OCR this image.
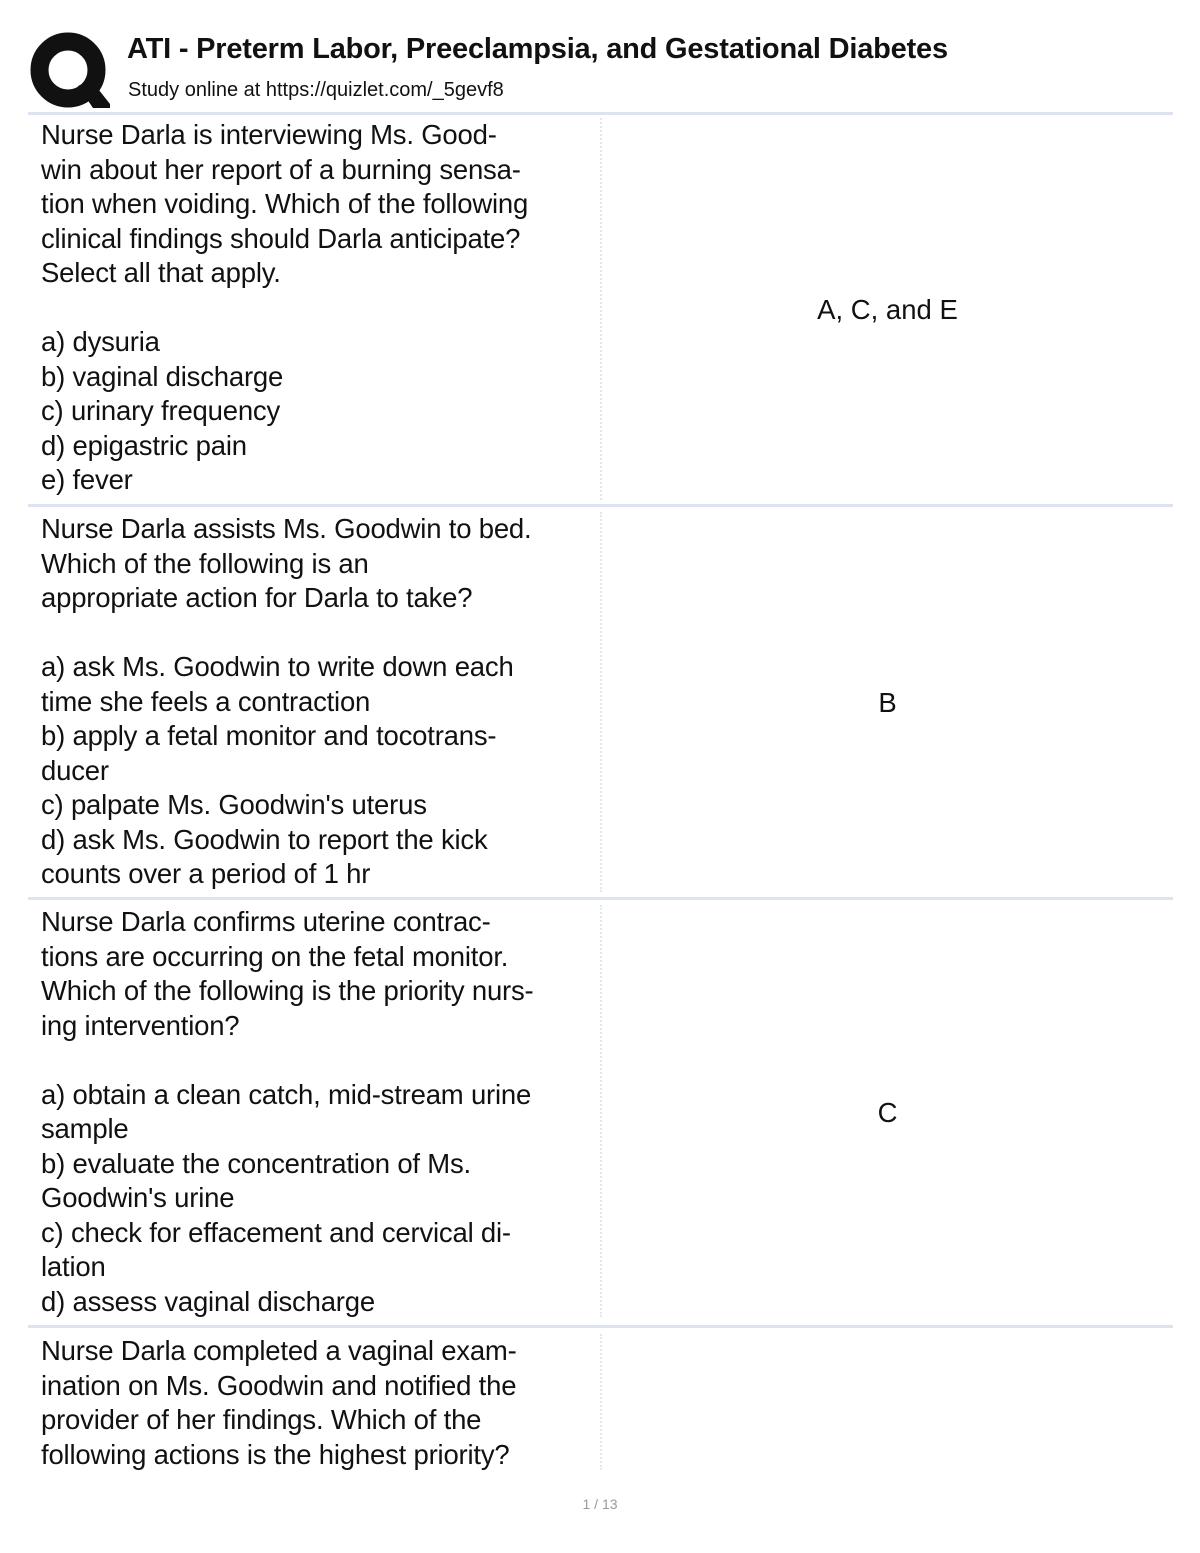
ATI - Preterm Labor, Preeclampsia, and Gestational Diabetes
Study online at https://quizlet.com/_5gevf8
Nurse Darla is interviewing Ms. Good-
win about her report of a burning sensa-
tion when voiding. Which of the following
clinical findings should Darla anticipate?
Select all that apply.

a) dysuria
b) vaginal discharge
c) urinary frequency
d) epigastric pain
e) fever
A, C, and E
Nurse Darla assists Ms. Goodwin to bed.
Which of the following is an
appropriate action for Darla to take?

a) ask Ms. Goodwin to write down each
time she feels a contraction
b) apply a fetal monitor and tocotrans-
ducer
c) palpate Ms. Goodwin's uterus
d) ask Ms. Goodwin to report the kick
counts over a period of 1 hr
B
Nurse Darla confirms uterine contrac-
tions are occurring on the fetal monitor.
Which of the following is the priority nurs-
ing intervention?

a) obtain a clean catch, mid-stream urine
sample
b) evaluate the concentration of Ms.
Goodwin's urine
c) check for effacement and cervical di-
lation
d) assess vaginal discharge
C
Nurse Darla completed a vaginal exam-
ination on Ms. Goodwin and notified the
provider of her findings. Which of the
following actions is the highest priority?
1 / 13
